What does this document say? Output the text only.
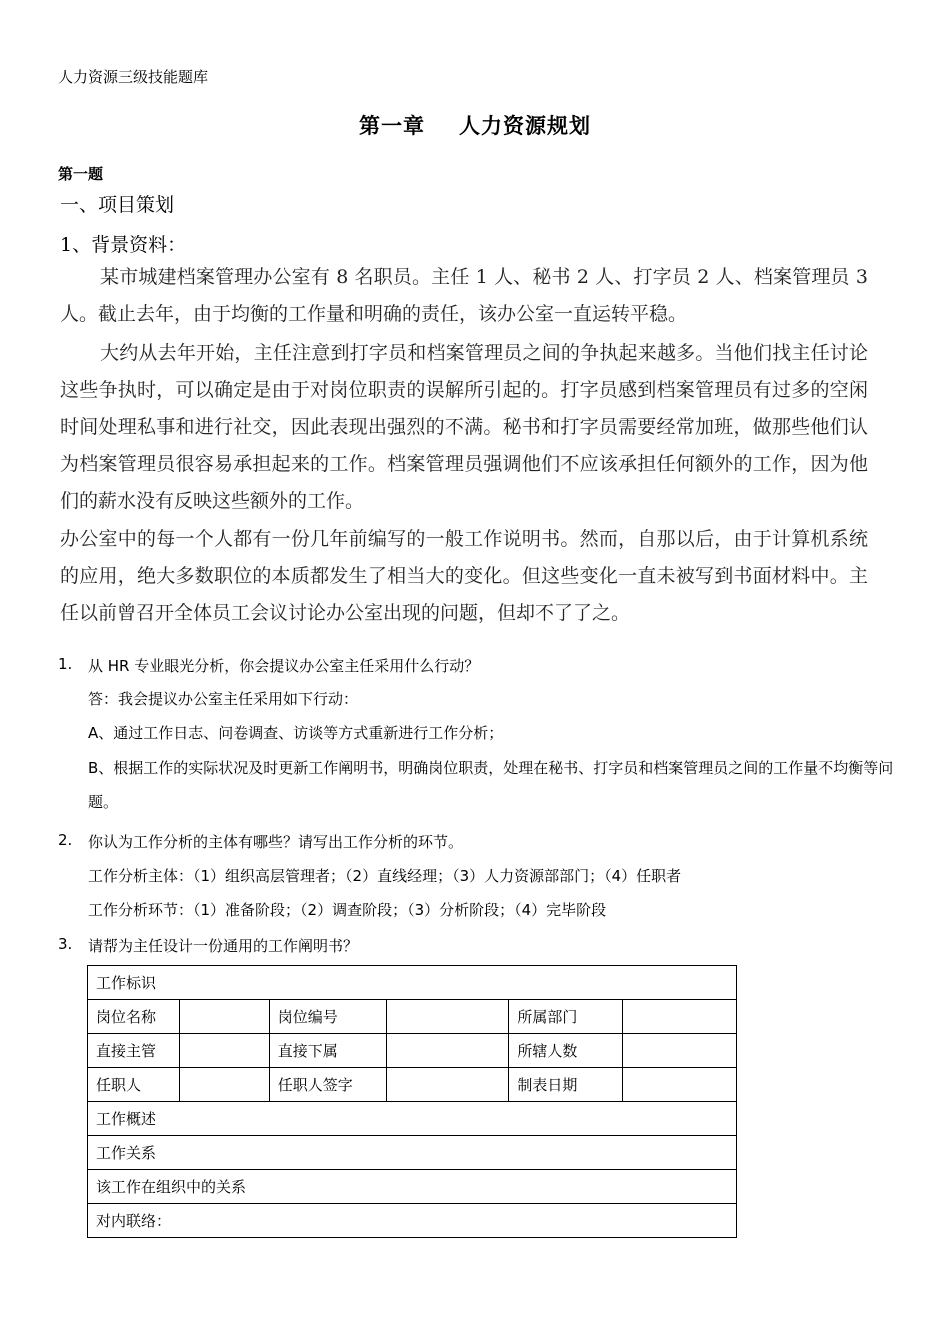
人力资源三级技能题库
第一章 人力资源规划
第一题
一、项目策划
1、背景资料：
某市城建档案管理办公室有 8 名职员。主任 1 人、秘书 2 人、打字员 2 人、档案管理员 3 人。截止去年，由于均衡的工作量和明确的责任，该办公室一直运转平稳。
大约从去年开始，主任注意到打字员和档案管理员之间的争执起来越多。当他们找主任讨论这些争执时，可以确定是由于对岗位职责的误解所引起的。打字员感到档案管理员有过多的空闲时间处理私事和进行社交，因此表现出强烈的不满。秘书和打字员需要经常加班，做那些他们认为档案管理员很容易承担起来的工作。档案管理员强调他们不应该承担任何额外的工作，因为他们的薪水没有反映这些额外的工作。
办公室中的每一个人都有一份几年前编写的一般工作说明书。然而，自那以后，由于计算机系统的应用，绝大多数职位的本质都发生了相当大的变化。但这些变化一直未被写到书面材料中。主任以前曾召开全体员工会议讨论办公室出现的问题，但却不了了之。
1. 从 HR 专业眼光分析，你会提议办公室主任采用什么行动？
答：我会提议办公室主任采用如下行动：
A、通过工作日志、问卷调查、访谈等方式重新进行工作分析；
B、根据工作的实际状况及时更新工作阐明书，明确岗位职责，处理在秘书、打字员和档案管理员之间的工作量不均衡等问题。
2. 你认为工作分析的主体有哪些？请写出工作分析的环节。
工作分析主体：（1）组织高层管理者；（2）直线经理；（3）人力资源部部门；（4）任职者
工作分析环节：（1）准备阶段；（2）调查阶段；（3）分析阶段；（4）完毕阶段
3. 请帮为主任设计一份通用的工作阐明书？
工作标识					
岗位名称		岗位编号		所属部门	
直接主管		直接下属		所辖人数	
任职人		任职人签字		制表日期	
工作概述					
工作关系					
该工作在组织中的关系					
对内联络：					
